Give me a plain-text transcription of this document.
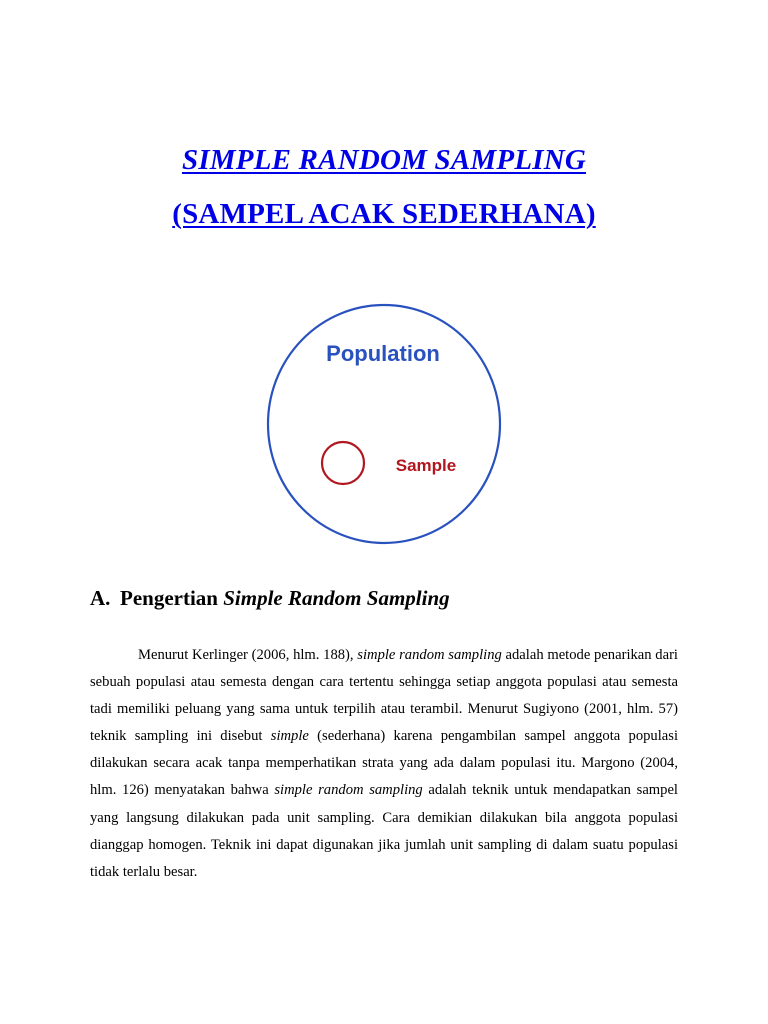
SIMPLE RANDOM SAMPLING
(SAMPEL ACAK SEDERHANA)
Population
Sample
A. Pengertian Simple Random Sampling

Menurut Kerlinger (2006, hlm. 188), simple random sampling adalah metode penarikan dari sebuah populasi atau semesta dengan cara tertentu sehingga setiap anggota populasi atau semesta tadi memiliki peluang yang sama untuk terpilih atau terambil. Menurut Sugiyono (2001, hlm. 57) teknik sampling ini disebut simple (sederhana) karena pengambilan sampel anggota populasi dilakukan secara acak tanpa memperhatikan strata yang ada dalam populasi itu. Margono (2004, hlm. 126) menyatakan bahwa simple random sampling adalah teknik untuk mendapatkan sampel yang langsung dilakukan pada unit sampling. Cara demikian dilakukan bila anggota populasi dianggap homogen. Teknik ini dapat digunakan jika jumlah unit sampling di dalam suatu populasi tidak terlalu besar.
